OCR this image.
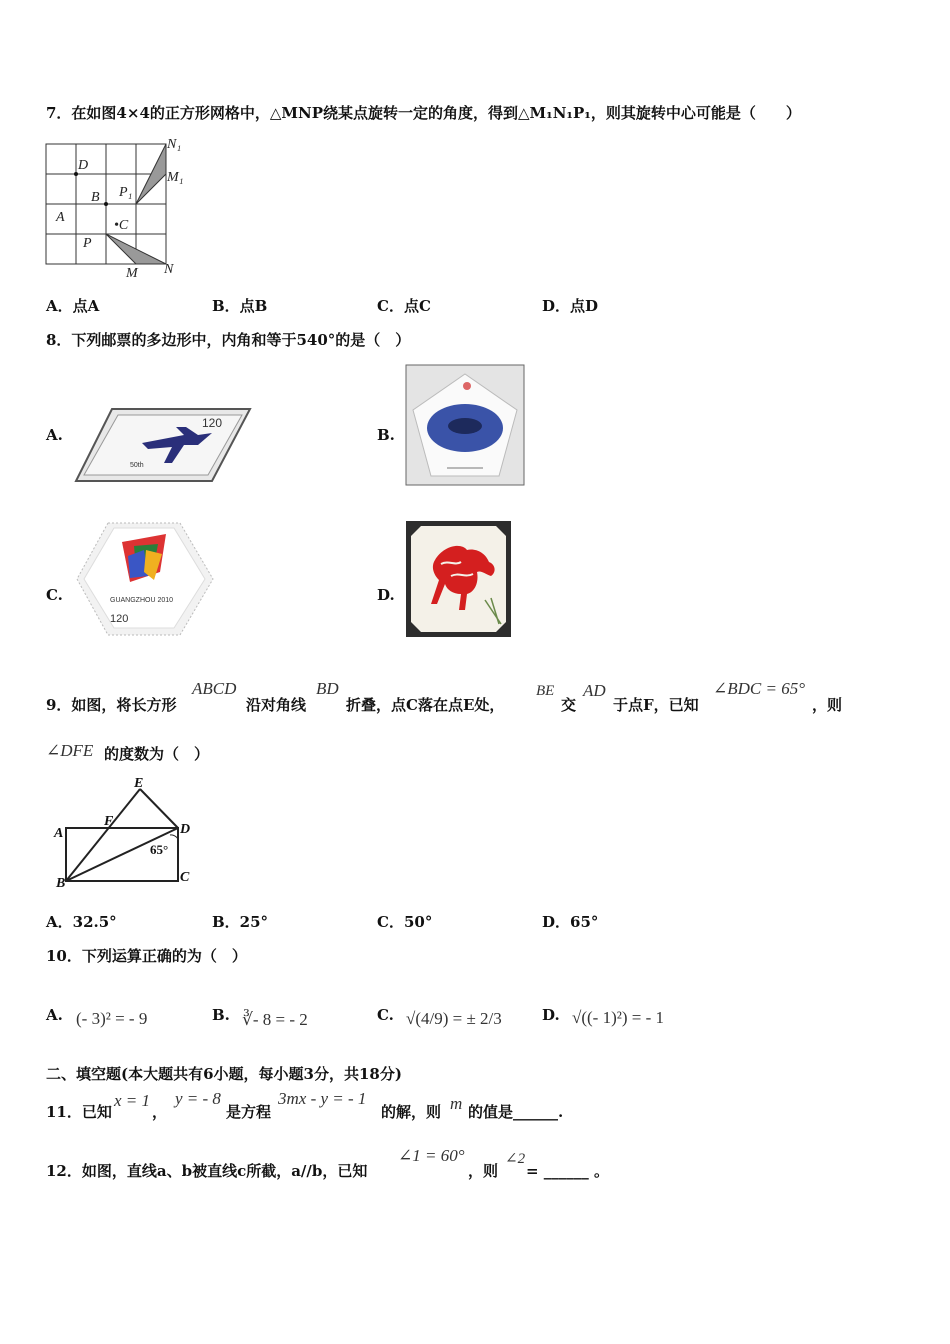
7．在如图4×4的正方形网格中，△MNP绕某点旋转一定的角度，得到△M₁N₁P₁，则其旋转中心可能是（　　）
N₁
M₁
D
B P₁
A
•C
P
M N
A．点A	B．点B	C．点C	D．点D
8．下列邮票的多边形中，内角和等于540°的是（　）
A.
120
50th
B.
C.	GUANGZHOU 2010
120
D.
9．如图，将长方形
ABCD
沿对角线
BD
折叠，点C落在点E处，
BE
交
AD
于点F，已知
∠BDC = 65°
，则
∠DFE 的度数为（　）
E
F
A	D
B	C
65°
A．32.5°	B．25°	C．50°	D．65°
10．下列运算正确的为（　）
A. (- 3)² = - 9	B. ∛- 8 = - 2	C. √(4/9) = ± 2/3	D. √((- 1)²) = - 1
二、填空题(本大题共有6小题，每小题3分，共18分)
11．已知
x = 1
，
y = - 8
是方程
3mx - y = - 1
的解，则 m 的值是______.
12．如图，直线a、b被直线c所截，a//b，已知
∠1 = 60°
，则
∠2
= ______ 。
